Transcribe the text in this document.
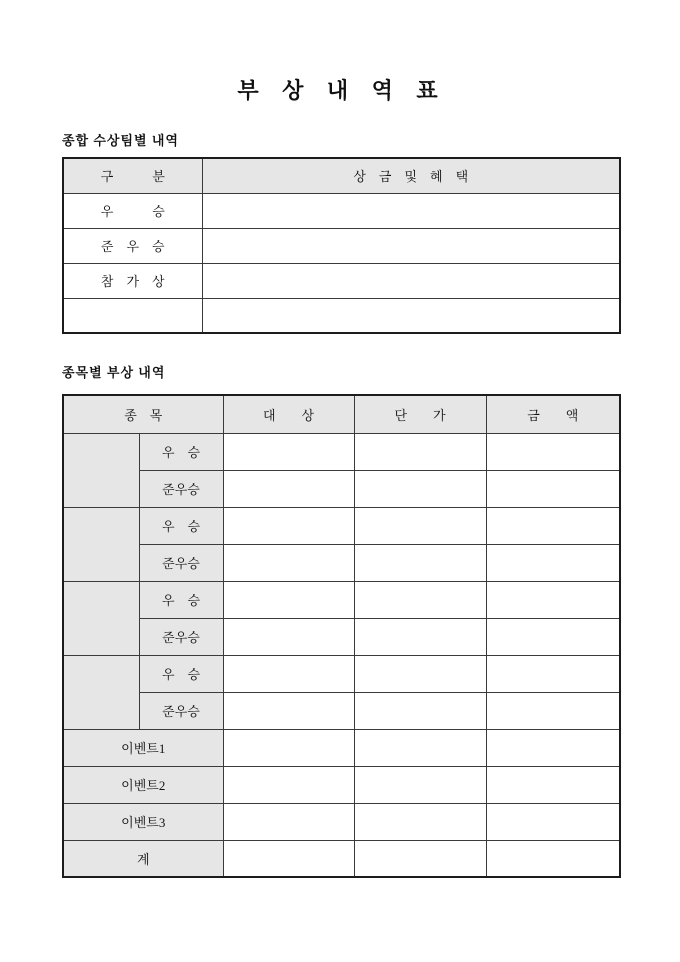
부 상 내 역 표
종합 수상팀별 내역
구　　　분	상　금　및　혜　택
우　　　승	
준　우　승	
참　가　상	

종목별 부상 내역
종　목		대　　상	단　　가	금　　액
	우　승			
	준우승			
	우　승			
	준우승			
	우　승			
	준우승			
	우　승			
	준우승			
이벤트1				
이벤트2				
이벤트3				
계				
